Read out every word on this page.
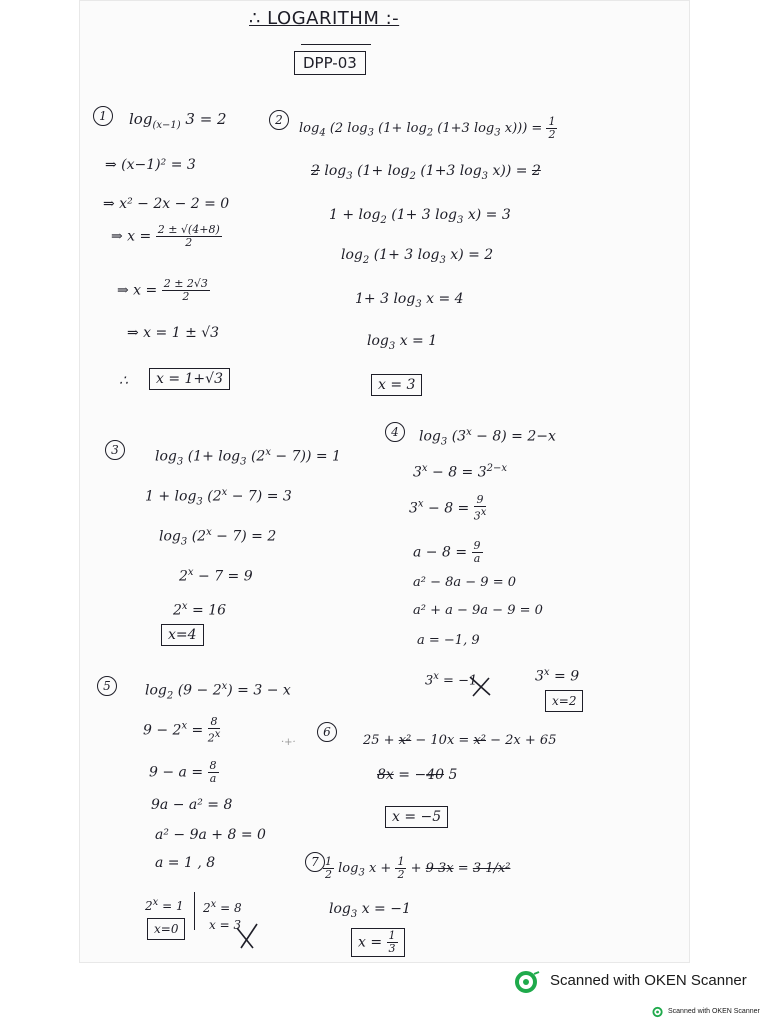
∴ LOGARITHM :-
DPP-03
1	$\log_{(x-1)} 3 = 2$
⇒ (x−1)² = 3
⇒ x² − 2x − 2 = 0
⇒ $x = \frac{2 \pm √(4+8)}{2}$
⇒ $x = \frac{2 \pm 2√3}{2}$
⇒ x = 1 ± √3
∴	x = 1+√3
2
$\log_4 (2$ $\log_3 (1+ \log_2 (1+3$ $\log_3 x))) = \frac{1}{2}$
2 $\log_3 (1+ \log_2 (1+3$ $\log_3 x)) = 2$
$1 + \log_2 (1+ 3$ $\log_3 x) = 3$
$\log_2 (1+ 3$ $\log_3 x) = 2$
1+ 3 $\log_3 x = 4$
$\log_3 x = 1$
x = 3
3	$\log_3 (1+ \log_3 (2^x - 7)) = 1$
$1 + \log_3 (2^x - 7) = 3$
$\log_3 (2^x - 7) = 2$
$2^x - 7 = 9$
$2^x = 16$
x=4
4	$\log_3 (3^x - 8) = 2-x$
$3^x - 8 = 3^{2-x}$
$3^x - 8 = \frac{9}{3^x}$
$a - 8 = \frac{9}{a}$
a² − 8a − 9 = 0
a² + a − 9a − 9 = 0
a = −1, 9
$3^x = -1$	$3^x = 9$
x=2
5	$\log_2 (9 - 2^x) = 3 - x$
$9 - 2^x = \frac{8}{2^x}$
$9 - a = \frac{8}{a}$
9a − a² = 8
a² − 9a + 8 = 0
a = 1 , 8
$2^x = 1$ $2^x = 8$
x = 3
x=0
6
25 + x² − 10x = x² − 2x + 65
8x = −40 5
x = −5
$7 \frac{1}{2} \log_3 x + \frac{1}{2} + 9$ 3x = 3 1/x²
$\log_3 x = -1$
$x = \frac{1}{3}$
·+·
Scanned with OKEN Scanner
Scanned with OKEN Scanner
